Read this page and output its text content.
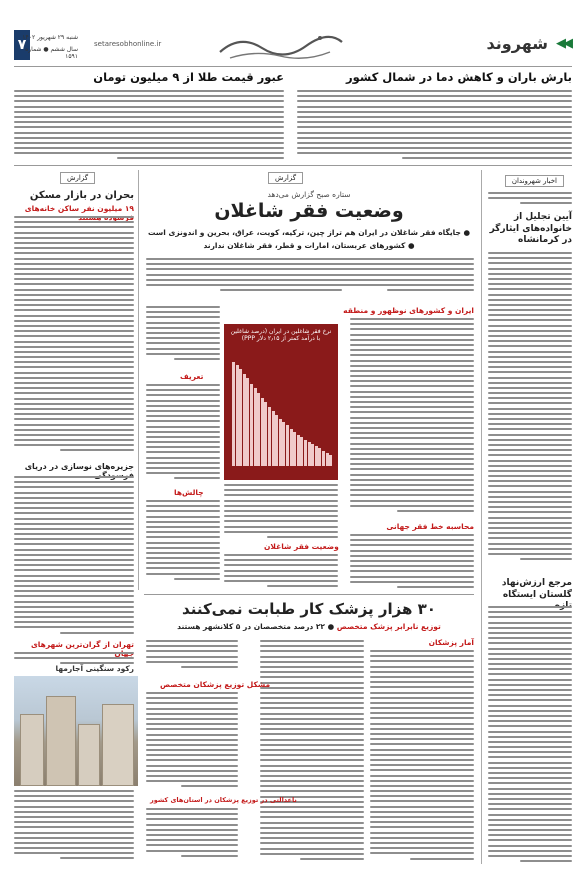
◀◀
شهروند
setaresobhonline.ir
۷
شنبه ۲۹ شهریور ۱۴۰۲
سال ششم ● شماره ۱۵۹۱
بارش باران و کاهش دما در شمال کشور
عبور قیمت طلا از ۹ میلیون تومان
اخبار شهروندان
آیین تجلیل از خانواده‌های ایثارگر در کرمانشاه
مرجع ارزش‌نهاد گلستان ایستگاه
گزارش
ستاره صبح گزارش می‌دهد
وضعیت فقر شاغلان
● جایگاه فقر شاغلان در ایران هم تراز چین، ترکیه، کویت، عراق، بحرین و اندونزی است
● کشورهای عربستان، امارات و قطر، فقر شاغلان ندارند
نرخ فقر شاغلین در ایران (درصد شاغلین با درآمد کمتر از ۲٫۱۵ دلار PPP)
ایران و کشورهای نوظهور و منطقه
محاسبه خط فقر جهانی
تعریف
چالش‌ها
وضعیت فقر شاغلان
گزارش
بحران در بازار مسکن
۱۹ میلیون نفر ساکن خانه‌های
جزیره‌های نوسازی در دریای
تهران از گران‌ترین شهرهای
رکود سنگینی آجارمها
۳۰ هزار پزشک کار طبابت نمی‌کنند
توزیع نابرابر پزشک متخصص ● ۲۲ درصد متخصصان در ۵ کلانشهر هستند
آمار پزشکان
مشکل توزیع پزشکان متخصص
ناعدالتی در توزیع پزشکان در استان‌های کشور
